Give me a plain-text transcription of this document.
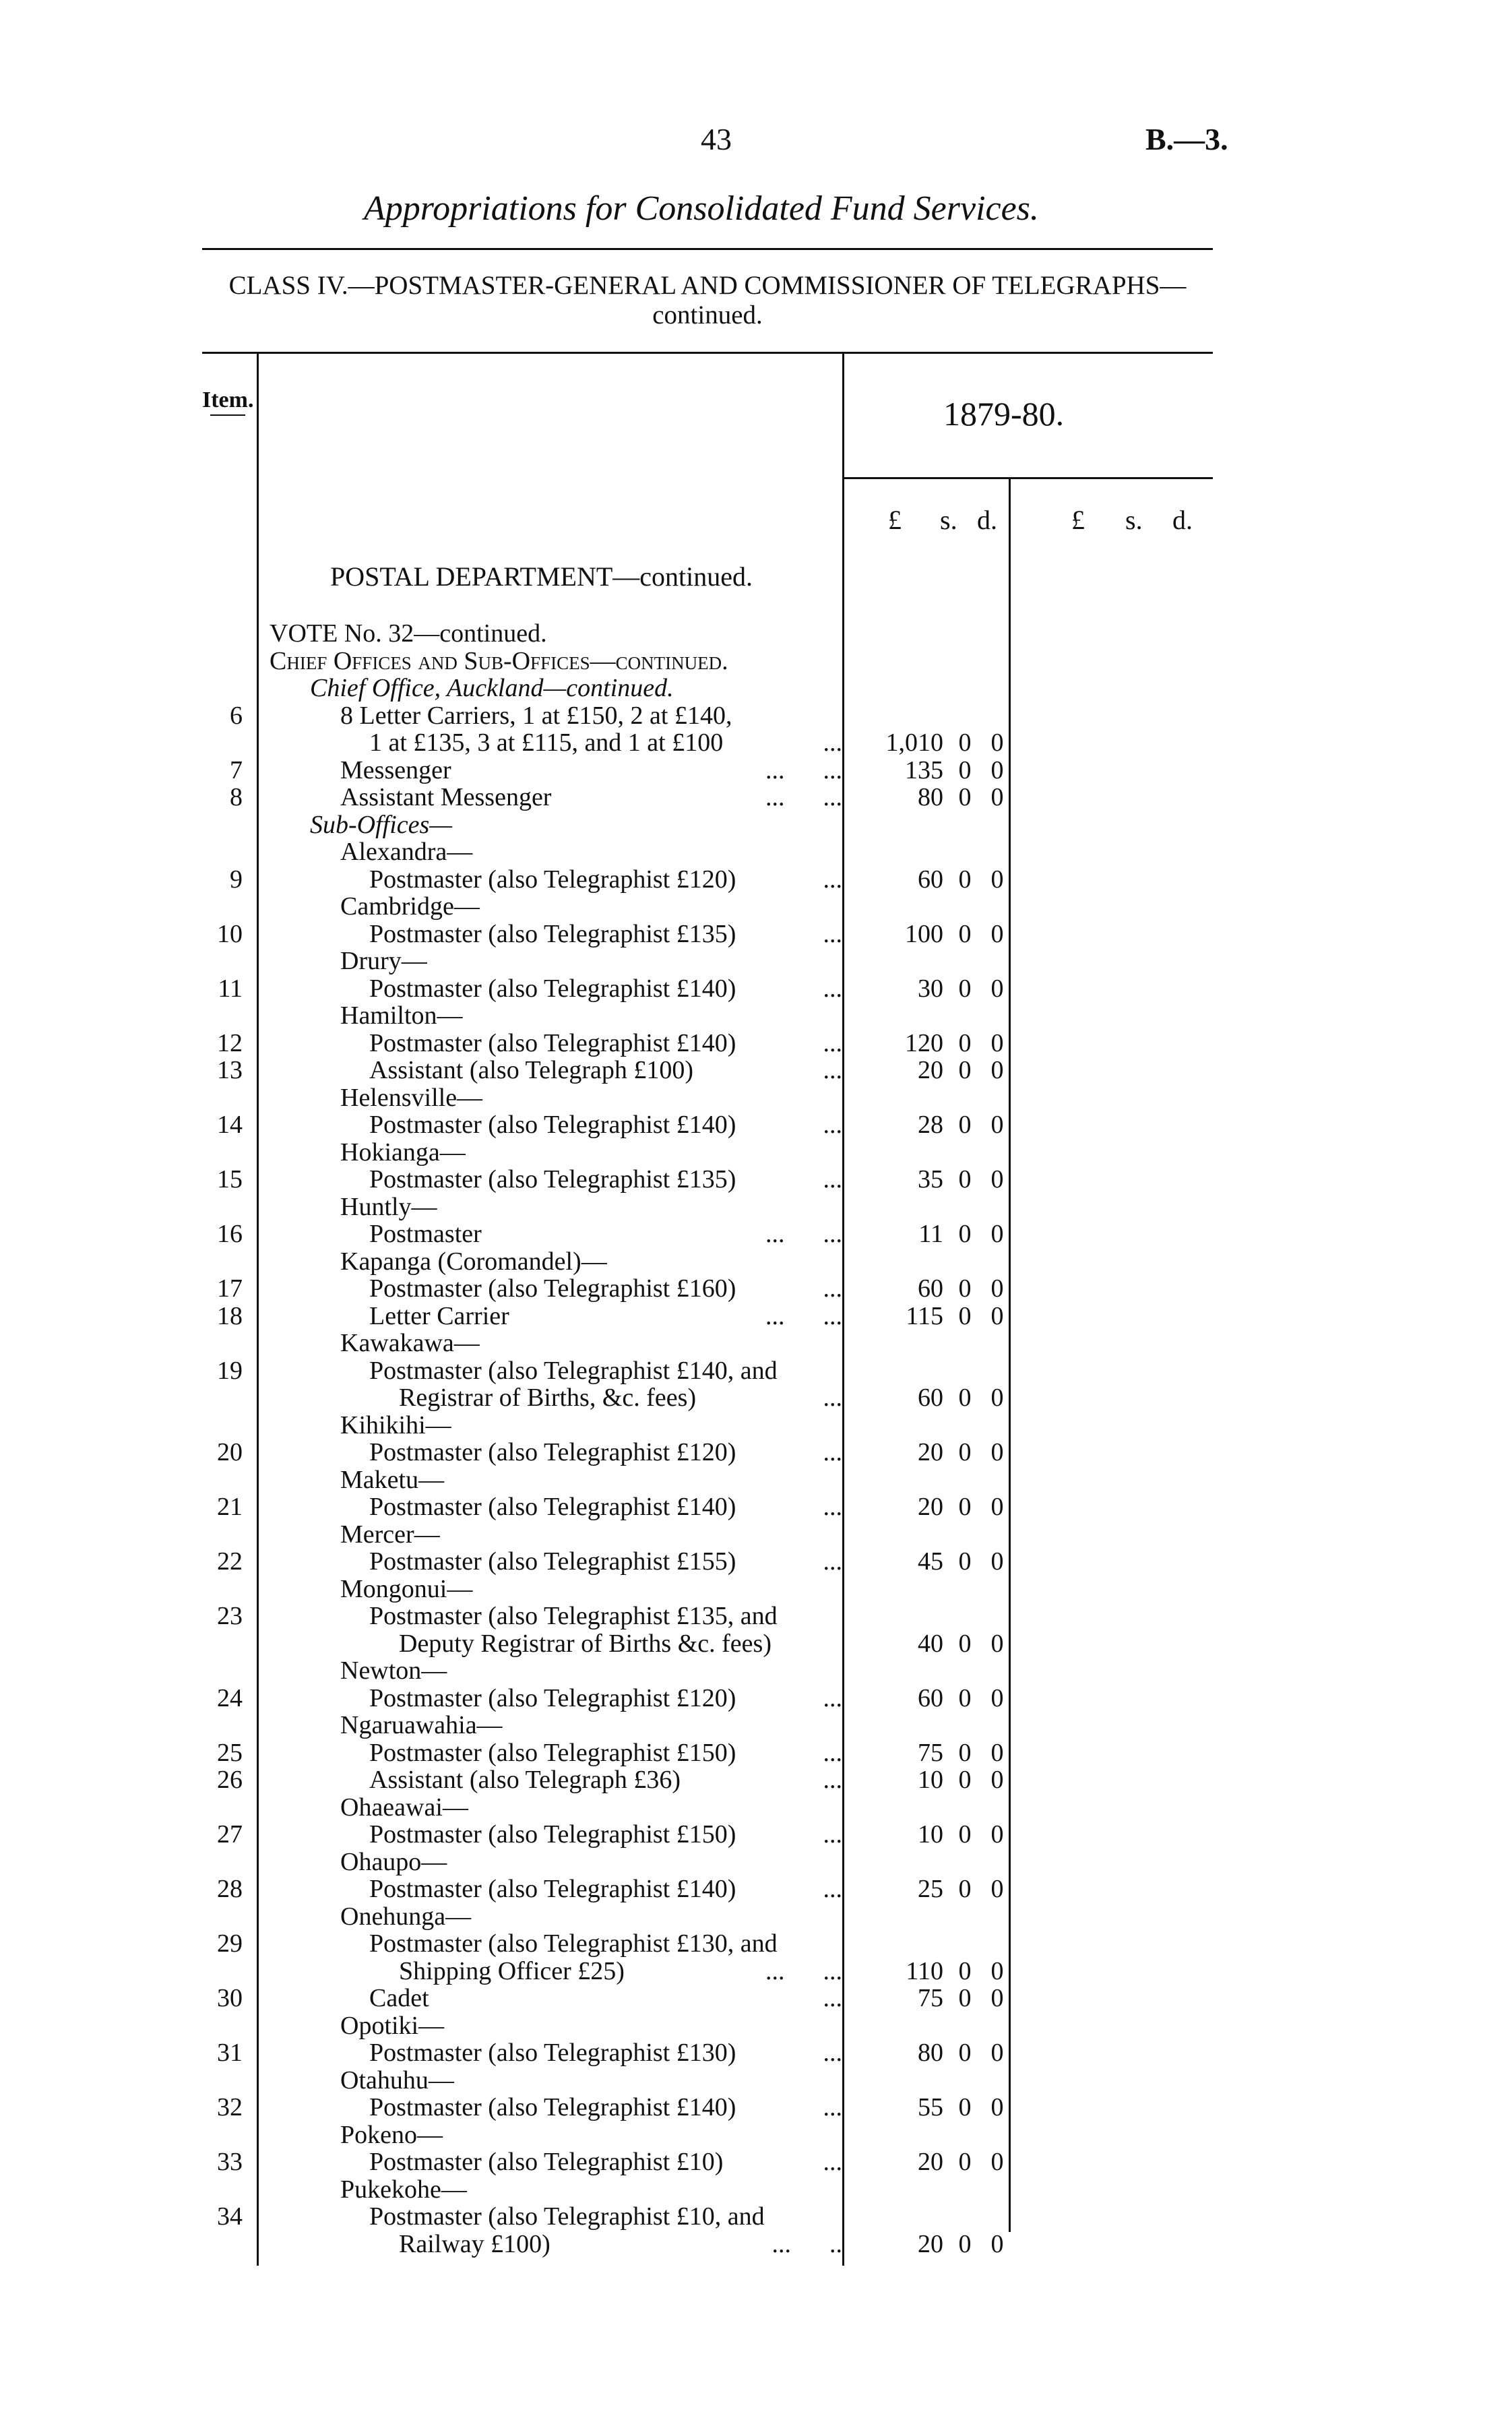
43	B.—3.
Appropriations for Consolidated Fund Services.
CLASS IV.—POSTMASTER-GENERAL AND COMMISSIONER OF TELEGRAPHS—continued.
Item.	1879-80.
£ s. d.	£ s. d.
POSTAL DEPARTMENT—continued.
VOTE No. 32—continued.
Chief Offices and Sub-Offices—continued.
Chief Office, Auckland—continued.
6	8 Letter Carriers, 1 at £150, 2 at £140,
1 at £135, 3 at £115, and 1 at £100	...	1,010 0 0
7	Messenger	...      ...	135 0 0
8	Assistant Messenger	...      ...	80 0 0
Sub-Offices—
Alexandra—
9	Postmaster (also Telegraphist £120)	...	60 0 0
Cambridge—
10	Postmaster (also Telegraphist £135)	...	100 0 0
Drury—
11	Postmaster (also Telegraphist £140)	...	30 0 0
Hamilton—
12	Postmaster (also Telegraphist £140)	...	120 0 0
13	Assistant (also Telegraph £100)	...	20 0 0
Helensville—
14	Postmaster (also Telegraphist £140)	...	28 0 0
Hokianga—
15	Postmaster (also Telegraphist £135)	...	35 0 0
Huntly—
16	Postmaster	...      ...	11 0 0
Kapanga (Coromandel)—
17	Postmaster (also Telegraphist £160)	...	60 0 0
18	Letter Carrier	...      ...	115 0 0
Kawakawa—
19	Postmaster (also Telegraphist £140, and
Registrar of Births, &c. fees)	...	60 0 0
Kihikihi—
20	Postmaster (also Telegraphist £120)	...	20 0 0
Maketu—
21	Postmaster (also Telegraphist £140)	...	20 0 0
Mercer—
22	Postmaster (also Telegraphist £155)	...	45 0 0
Mongonui—
23	Postmaster (also Telegraphist £135, and
Deputy Registrar of Births &c. fees)	40 0 0
Newton—
24	Postmaster (also Telegraphist £120)	...	60 0 0
Ngaruawahia—
25	Postmaster (also Telegraphist £150)	...	75 0 0
26	Assistant (also Telegraph £36)	...	10 0 0
Ohaeawai—
27	Postmaster (also Telegraphist £150)	...	10 0 0
Ohaupo—
28	Postmaster (also Telegraphist £140)	...	25 0 0
Onehunga—
29	Postmaster (also Telegraphist £130, and
Shipping Officer £25)	...      ...	110 0 0
30	Cadet	...	75 0 0
Opotiki—
31	Postmaster (also Telegraphist £130)	...	80 0 0
Otahuhu—
32	Postmaster (also Telegraphist £140)	...	55 0 0
Pokeno—
33	Postmaster (also Telegraphist £10)	...	20 0 0
Pukekohe—
34	Postmaster (also Telegraphist £10, and
Railway £100)	...      ..	20 0 0
